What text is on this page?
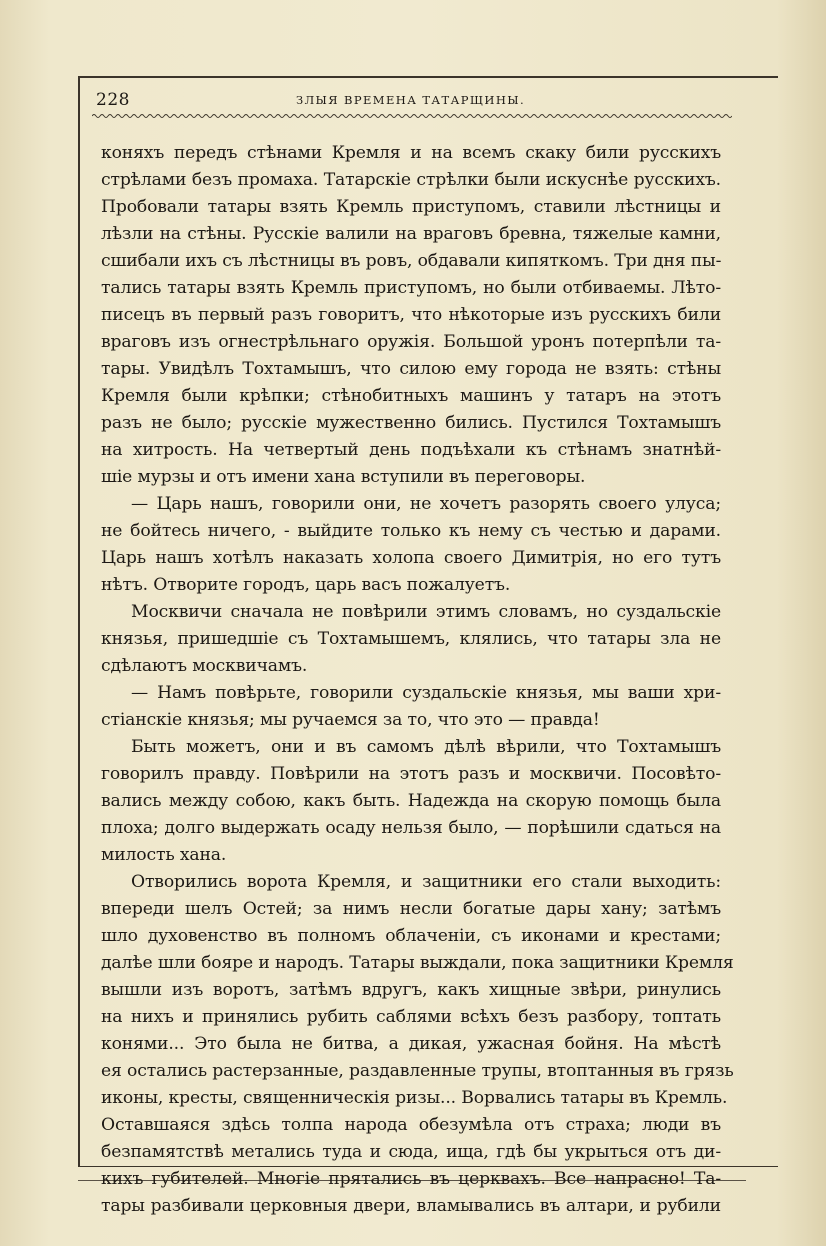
228	ЗЛЫЯ ВРЕМЕНА ТАТАРЩИНЫ.
коняхъ передъ стѣнами Кремля и на всемъ скаку били русскихъ
стрѣлами безъ промаха. Татарскіе стрѣлки были искуснѣе русскихъ.
Пробовали татары взять Кремль приступомъ, ставили лѣстницы и
лѣзли на стѣны. Русскіе валили на враговъ бревна, тяжелые камни,
сшибали ихъ съ лѣстницы въ ровъ, обдавали кипяткомъ. Три дня пы-
тались татары взять Кремль приступомъ, но были отбиваемы. Лѣто-
писецъ въ первый разъ говоритъ, что нѣкоторые изъ русскихъ били
враговъ изъ огнестрѣльнаго оружія. Большой уронъ потерпѣли та-
тары. Увидѣлъ Тохтамышъ, что силою ему города не взять: стѣны
Кремля были крѣпки; стѣнобитныхъ машинъ у татаръ на этотъ
разъ не было; русскіе мужественно бились. Пустился Тохтамышъ
на хитрость. На четвертый день подъѣхали къ стѣнамъ знатнѣй-
шіе мурзы и отъ имени хана вступили въ переговоры.
— Царь нашъ, говорили они, не хочетъ разорять своего улуса;
не бойтесь ничего, - выйдите только къ нему съ честью и дарами.
Царь нашъ хотѣлъ наказать холопа своего Димитрія, но его тутъ
нѣтъ. Отворите городъ, царь васъ пожалуетъ.
Москвичи сначала не повѣрили этимъ словамъ, но суздальскіе
князья, пришедшіе съ Тохтамышемъ, клялись, что татары зла не
сдѣлаютъ москвичамъ.
— Намъ повѣрьте, говорили суздальскіе князья, мы ваши хри-
стіанскіе князья; мы ручаемся за то, что это — правда!
Быть можетъ, они и въ самомъ дѣлѣ вѣрили, что Тохтамышъ
говорилъ правду. Повѣрили на этотъ разъ и москвичи. Посовѣто-
вались между собою, какъ быть. Надежда на скорую помощь была
плоха; долго выдержать осаду нельзя было, — порѣшили сдаться на
милость хана.
Отворились ворота Кремля, и защитники его стали выходить:
впереди шелъ Остей; за нимъ несли богатые дары хану; затѣмъ
шло духовенство въ полномъ облаченіи, съ иконами и крестами;
далѣе шли бояре и народъ. Татары выждали, пока защитники Кремля
вышли изъ воротъ, затѣмъ вдругъ, какъ хищные звѣри, ринулись
на нихъ и принялись рубить саблями всѣхъ безъ разбору, топтать
конями... Это была не битва, а дикая, ужасная бойня. На мѣстѣ
ея остались растерзанные, раздавленные трупы, втоптанныя въ грязь
иконы, кресты, священническія ризы... Ворвались татары въ Кремль.
Оставшаяся здѣсь толпа народа обезумѣла отъ страха; люди въ
безпамятствѣ метались туда и сюда, ища, гдѣ бы укрыться отъ ди-
кихъ губителей. Многіе прятались въ церквахъ. Все напрасно! Та-
тары разбивали церковныя двери, вламывались въ алтари, и рубили
